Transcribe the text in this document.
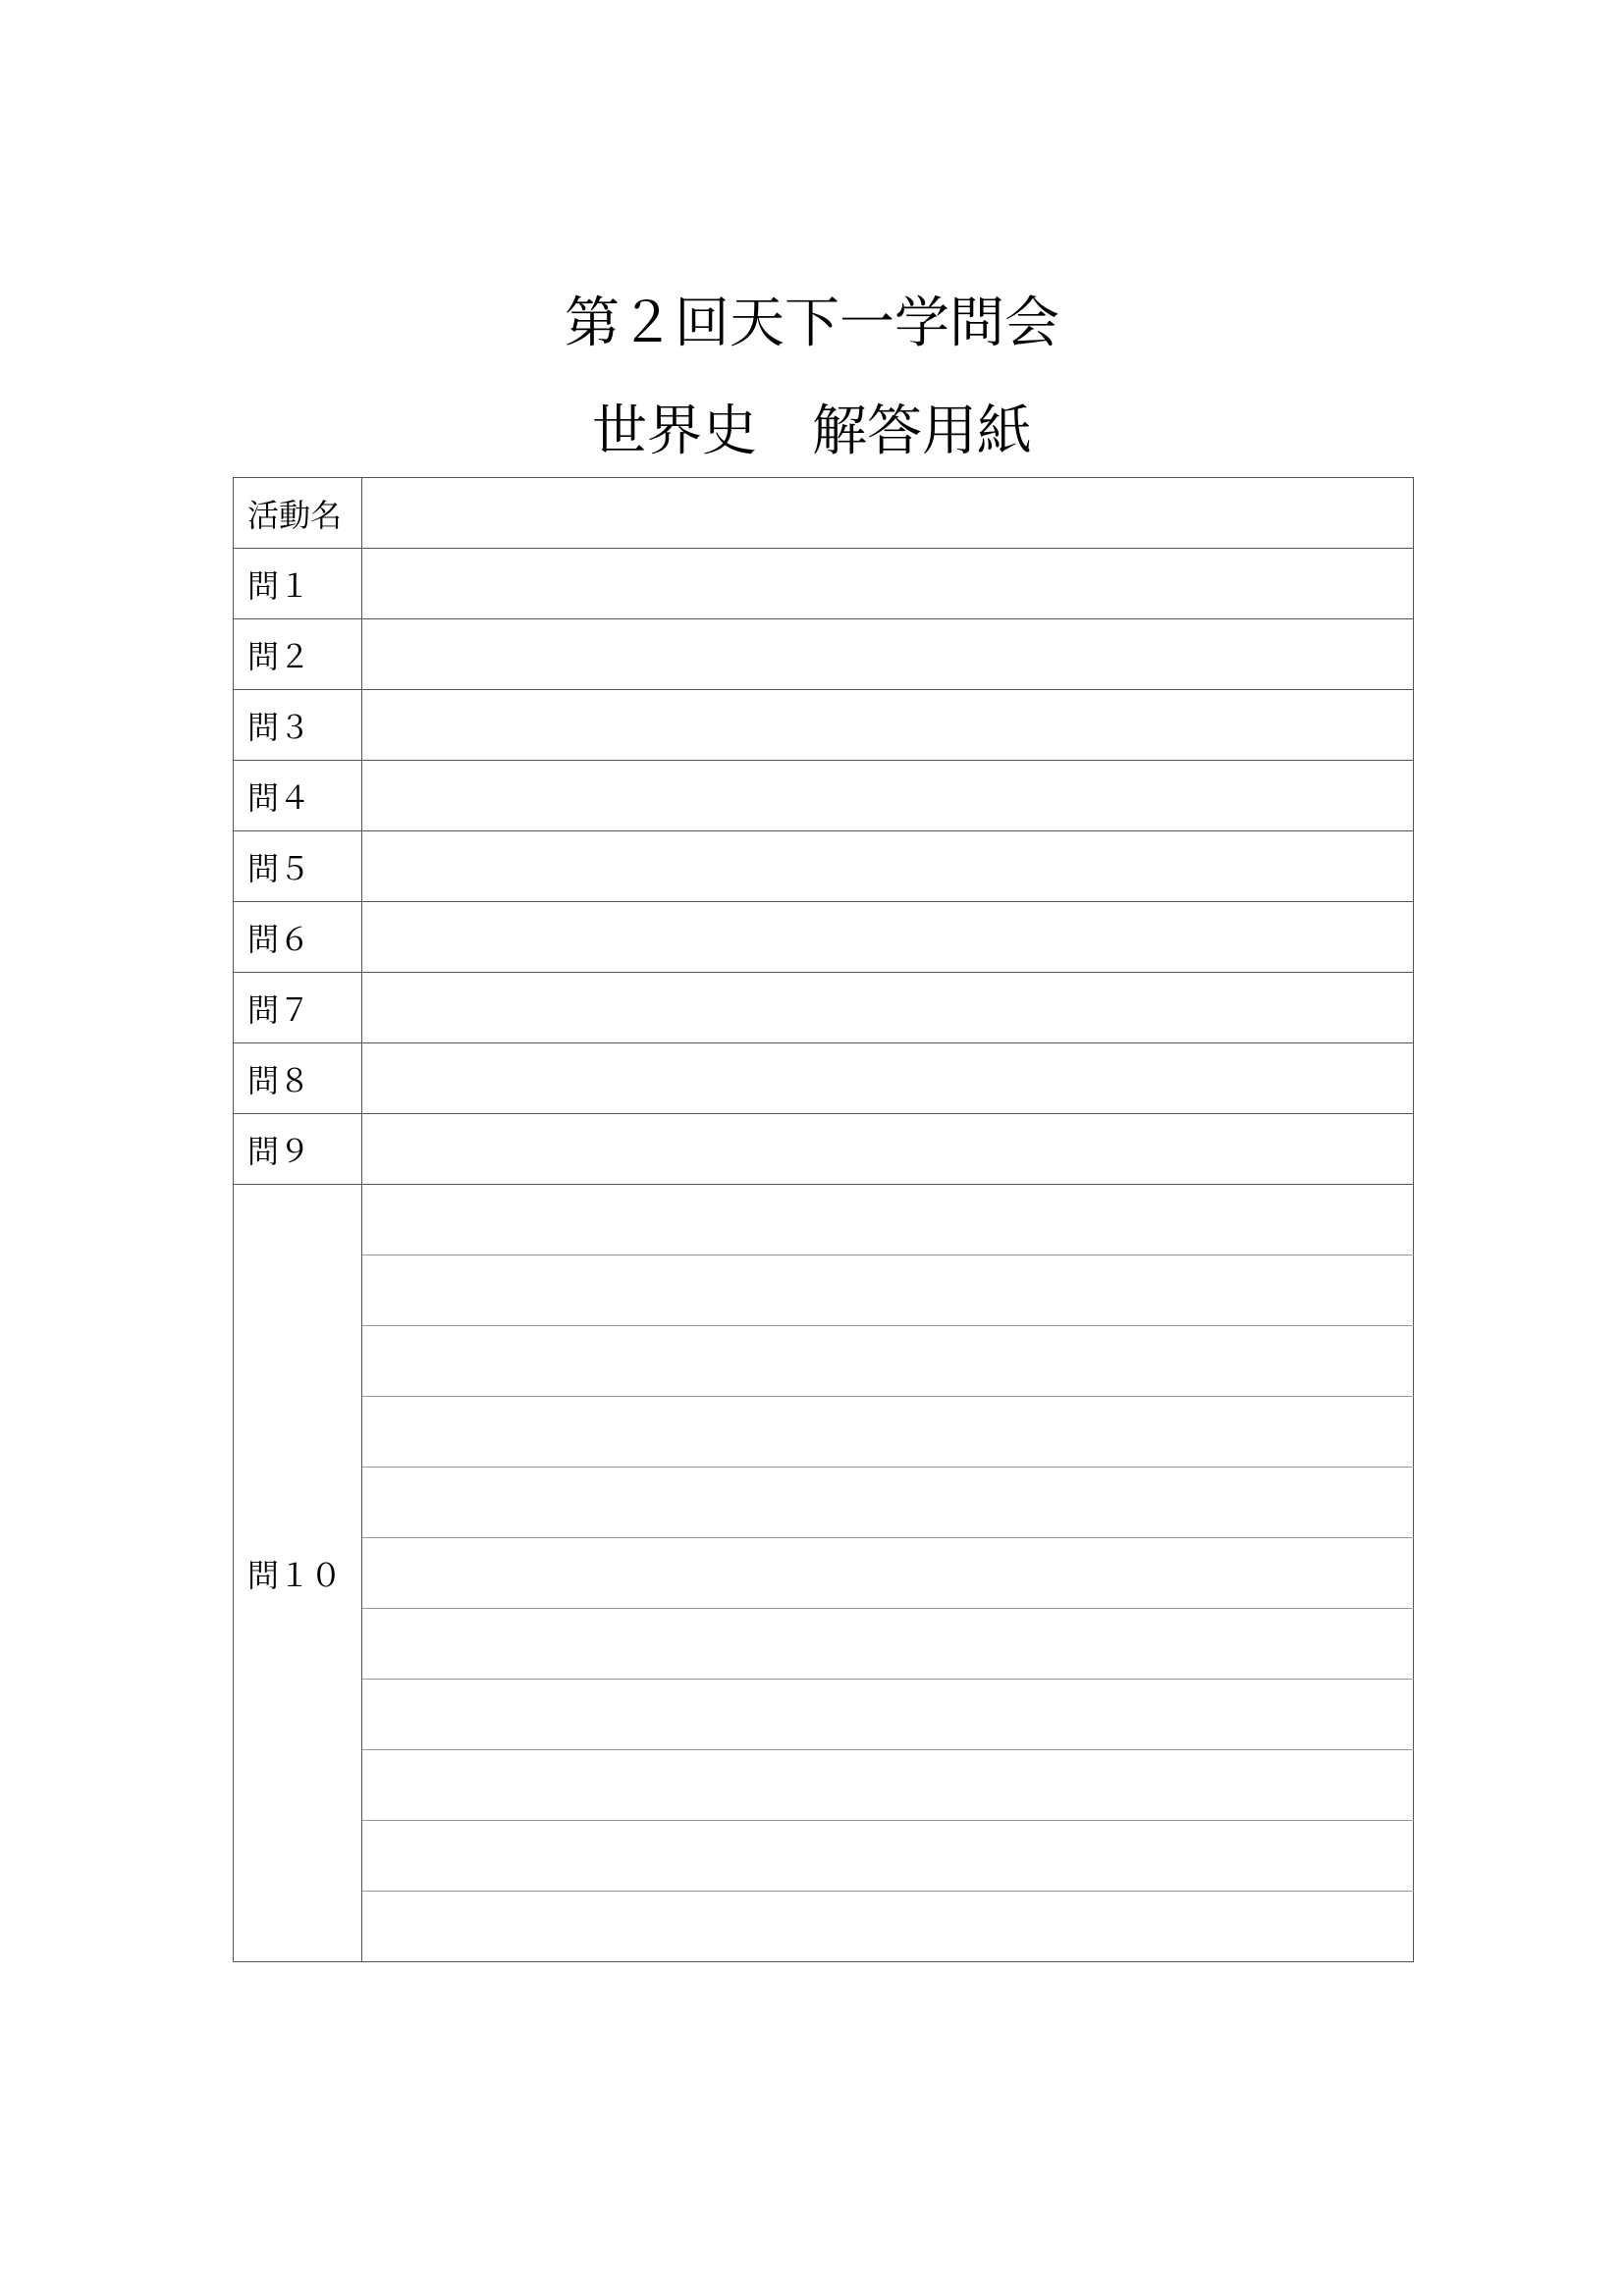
第２回天下一学問会
世界史　解答用紙
活動名	
問１	
問２	
問３	
問４	
問５	
問６	
問７	
問８	
問９	
問１０	
